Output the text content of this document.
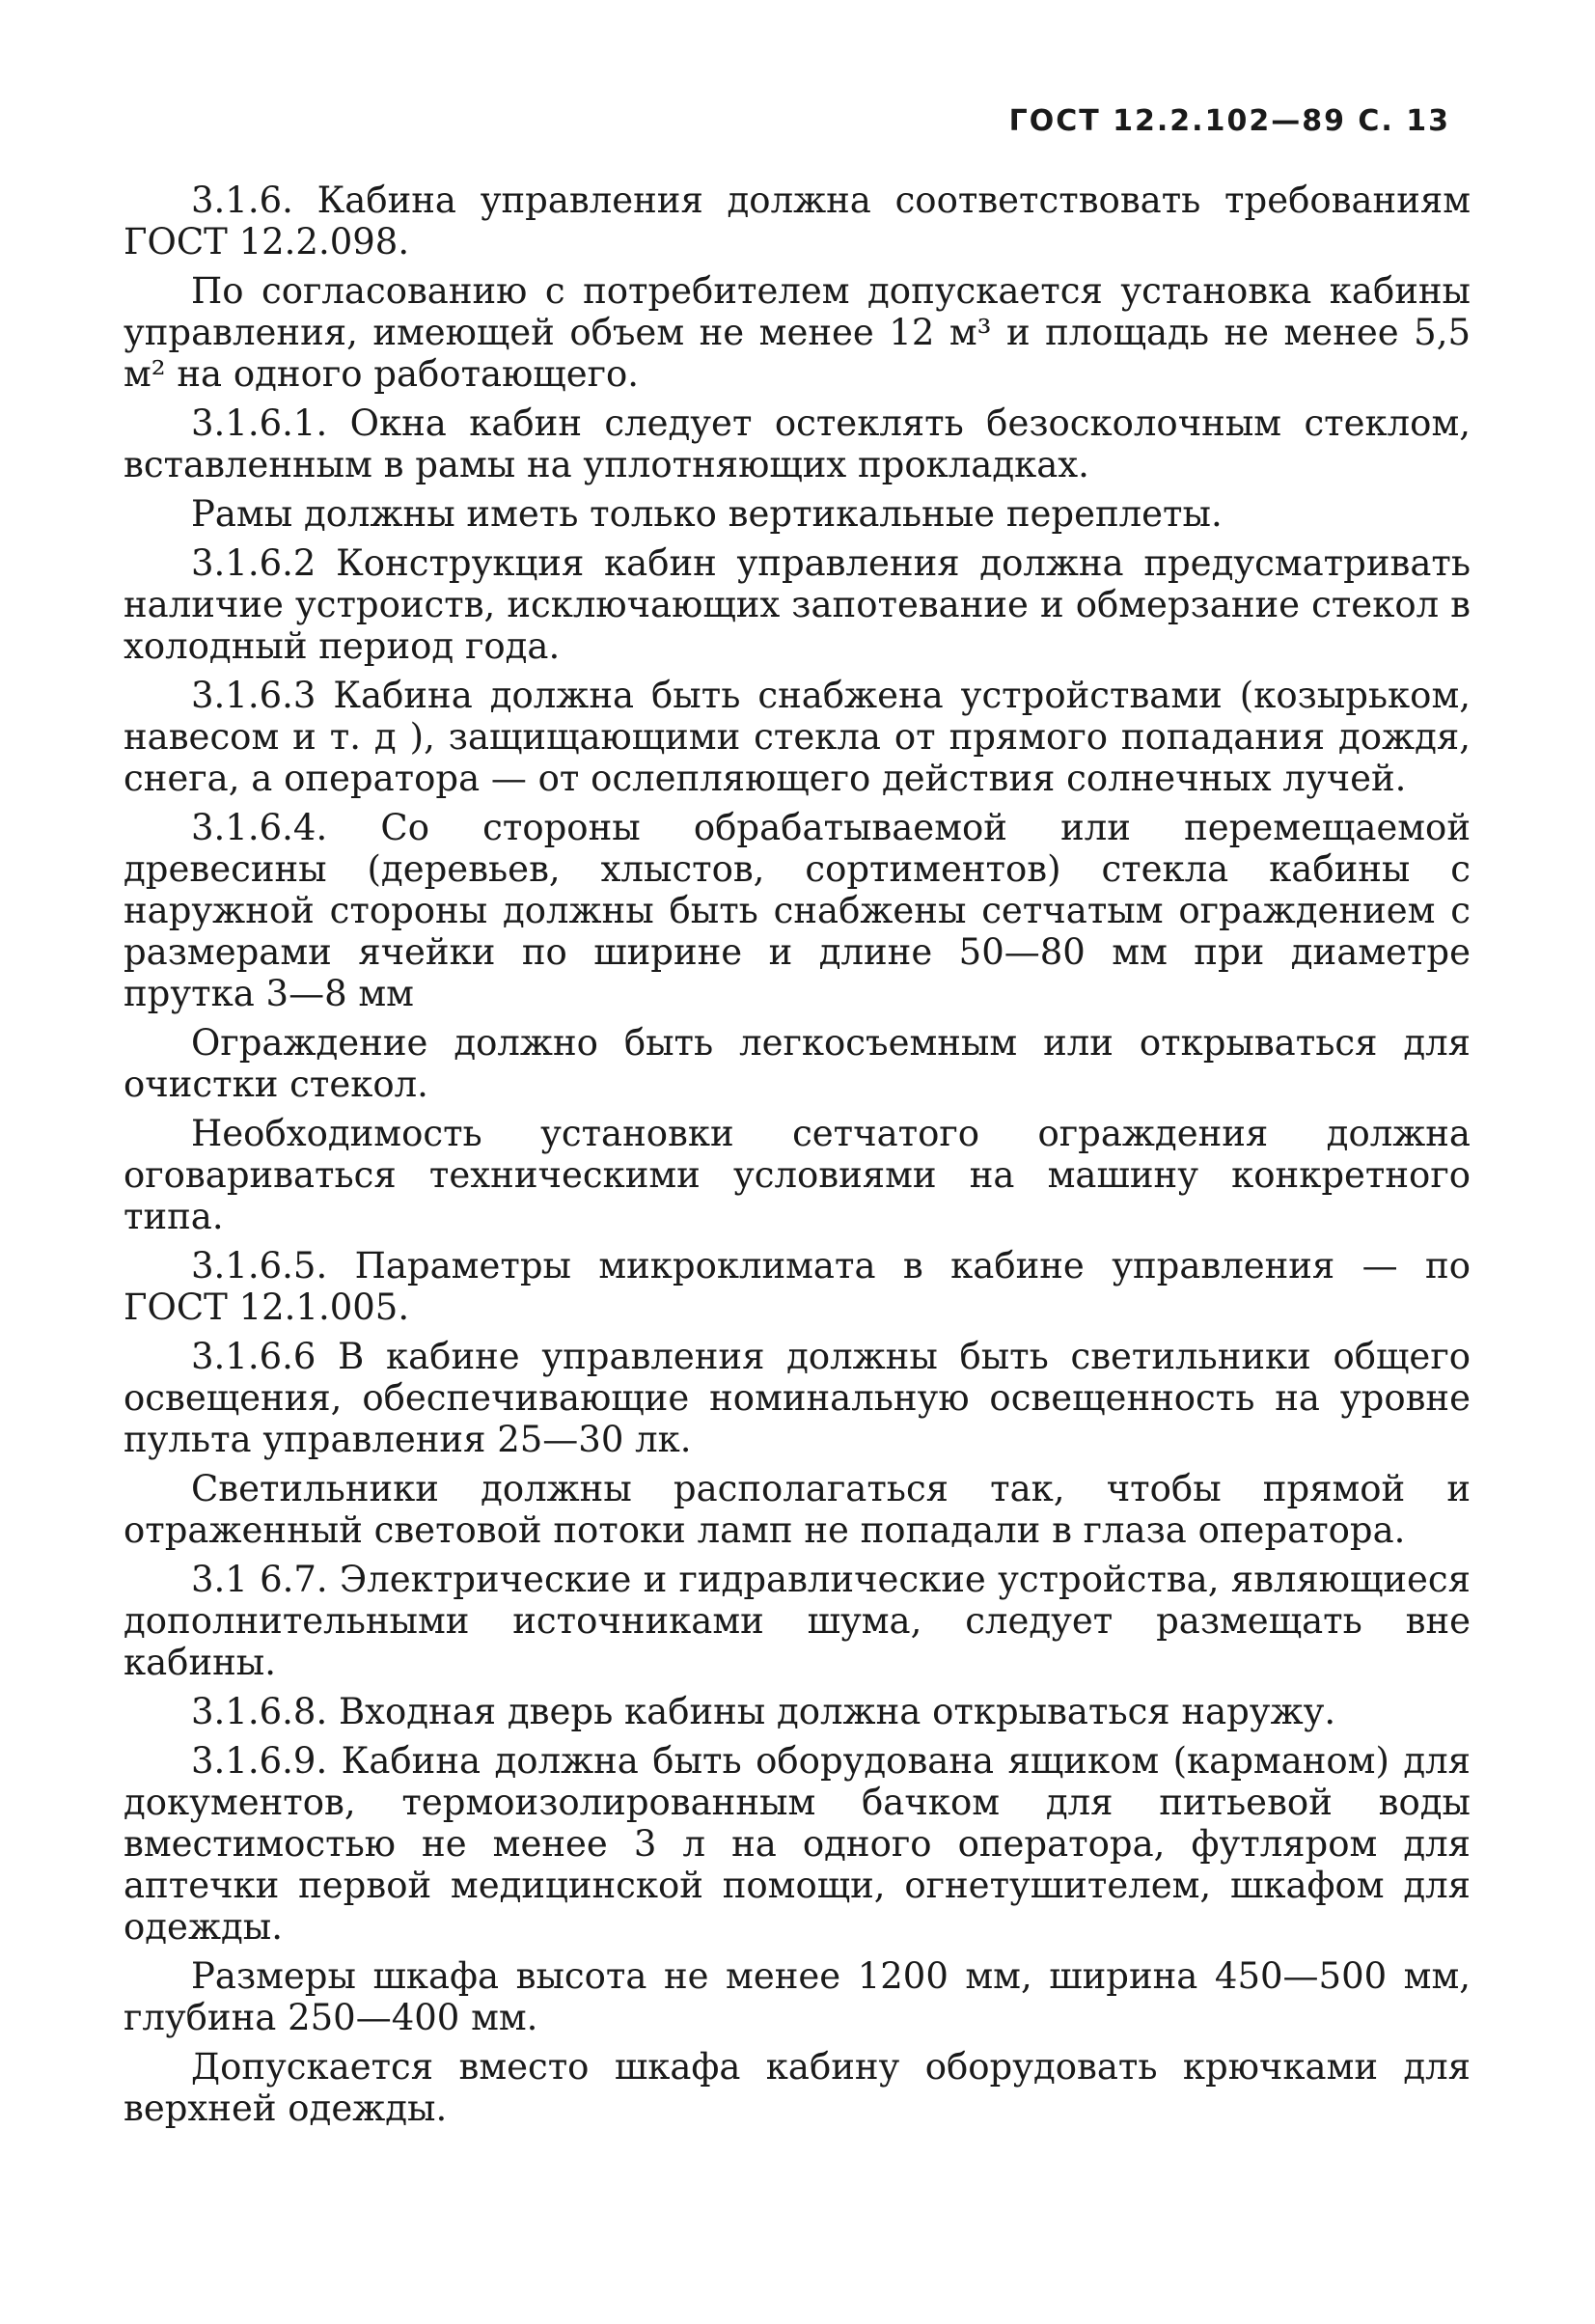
ГОСТ 12.2.102—89 С. 13

3.1.6. Кабина управления должна соответствовать требованиям ГОСТ 12.2.098.

По согласованию с потребителем допускается установка кабины управления, имеющей объем не менее 12 м³ и площадь не менее 5,5 м² на одного работающего.

3.1.6.1. Окна кабин следует остеклять безосколочным стеклом, вставленным в рамы на уплотняющих прокладках.

Рамы должны иметь только вертикальные переплеты.

3.1.6.2 Конструкция кабин управления должна предусматривать наличие устроиств, исключающих запотевание и обмерзание стекол в холодный период года.

3.1.6.3 Кабина должна быть снабжена устройствами (козырьком, навесом и т. д ), защищающими стекла от прямого попадания дождя, снега, а оператора — от ослепляющего действия солнечных лучей.

3.1.6.4. Со стороны обрабатываемой или перемещаемой древесины (деревьев, хлыстов, сортиментов) стекла кабины с наружной стороны должны быть снабжены сетчатым ограждением с размерами ячейки по ширине и длине 50—80 мм при диаметре прутка 3—8 мм

Ограждение должно быть легкосъемным или открываться для очистки стекол.

Необходимость установки сетчатого ограждения должна оговариваться техническими условиями на машину конкретного типа.

3.1.6.5. Параметры микроклимата в кабине управления — по ГОСТ 12.1.005.

3.1.6.6 В кабине управления должны быть светильники общего освещения, обеспечивающие номинальную освещенность на уровне пульта управления 25—30 лк.

Светильники должны располагаться так, чтобы прямой и отраженный световой потоки ламп не попадали в глаза оператора.

3.1 6.7. Электрические и гидравлические устройства, являющиеся дополнительными источниками шума, следует размещать вне кабины.

3.1.6.8. Входная дверь кабины должна открываться наружу.

3.1.6.9. Кабина должна быть оборудована ящиком (карманом) для документов, термоизолированным бачком для питьевой воды вместимостью не менее 3 л на одного оператора, футляром для аптечки первой медицинской помощи, огнетушителем, шкафом для одежды.

Размеры шкафа высота не менее 1200 мм, ширина 450—500 мм, глубина 250—400 мм.

Допускается вместо шкафа кабину оборудовать крючками для верхней одежды.
